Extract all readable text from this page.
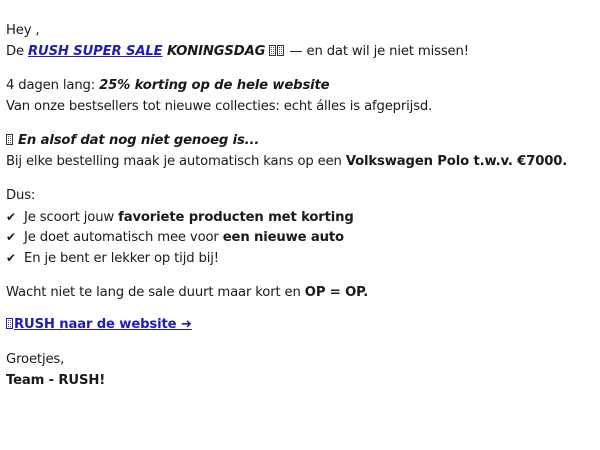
Hey ,
De RUSH SUPER SALE KONINGSDAG  — en dat wil je niet missen!
4 dagen lang: 25% korting op de hele website
Van onze bestsellers tot nieuwe collecties: echt álles is afgeprijsd.
En alsof dat nog niet genoeg is...
Bij elke bestelling maak je automatisch kans op een Volkswagen Polo t.w.v. €7000.
Dus:
✔ Je scoort jouw favoriete producten met korting
✔ Je doet automatisch mee voor een nieuwe auto
✔ En je bent er lekker op tijd bij!
Wacht niet te lang de sale duurt maar kort en OP = OP.
RUSH naar de website ➜
Groetjes,
Team - RUSH!
